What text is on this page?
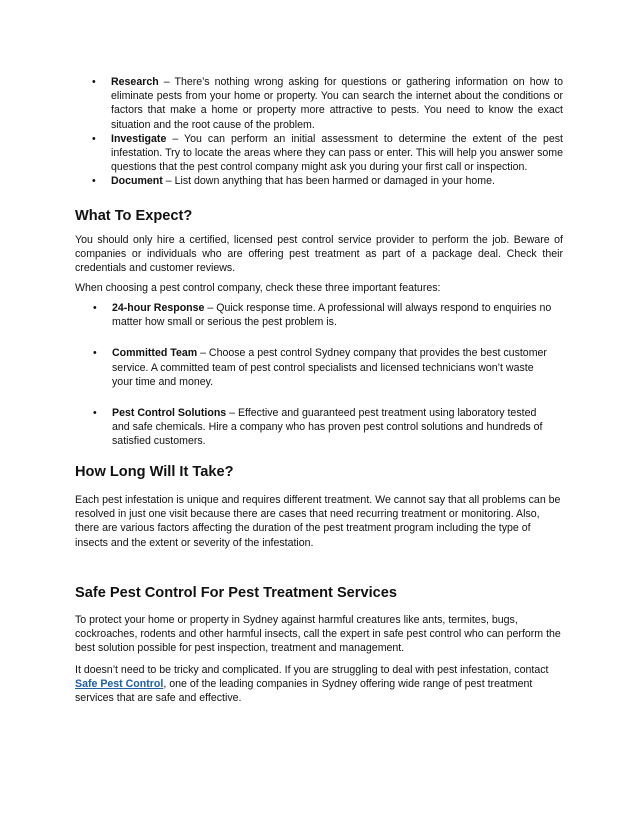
• Research – There’s nothing wrong asking for questions or gathering information on how to eliminate pests from your home or property. You can search the internet about the conditions or factors that make a home or property more attractive to pests. You need to know the exact situation and the root cause of the problem.
• Investigate – You can perform an initial assessment to determine the extent of the pest infestation. Try to locate the areas where they can pass or enter. This will help you answer some questions that the pest control company might ask you during your first call or inspection.
• Document – List down anything that has been harmed or damaged in your home.
What To Expect?

You should only hire a certified, licensed pest control service provider to perform the job. Beware of companies or individuals who are offering pest treatment as part of a package deal. Check their credentials and customer reviews.

When choosing a pest control company, check these three important features:

• 24-hour Response – Quick response time. A professional will always respond to enquiries no matter how small or serious the pest problem is.
• Committed Team – Choose a pest control Sydney company that provides the best customer service. A committed team of pest control specialists and licensed technicians won’t waste your time and money.
• Pest Control Solutions – Effective and guaranteed pest treatment using laboratory tested and safe chemicals. Hire a company who has proven pest control solutions and hundreds of satisfied customers.
How Long Will It Take?

Each pest infestation is unique and requires different treatment. We cannot say that all problems can be resolved in just one visit because there are cases that need recurring treatment or monitoring. Also, there are various factors affecting the duration of the pest treatment program including the type of insects and the extent or severity of the infestation.

Safe Pest Control For Pest Treatment Services

To protect your home or property in Sydney against harmful creatures like ants, termites, bugs, cockroaches, rodents and other harmful insects, call the expert in safe pest control who can perform the best solution possible for pest inspection, treatment and management.

It doesn’t need to be tricky and complicated. If you are struggling to deal with pest infestation, contact Safe Pest Control, one of the leading companies in Sydney offering wide range of pest treatment services that are safe and effective.
